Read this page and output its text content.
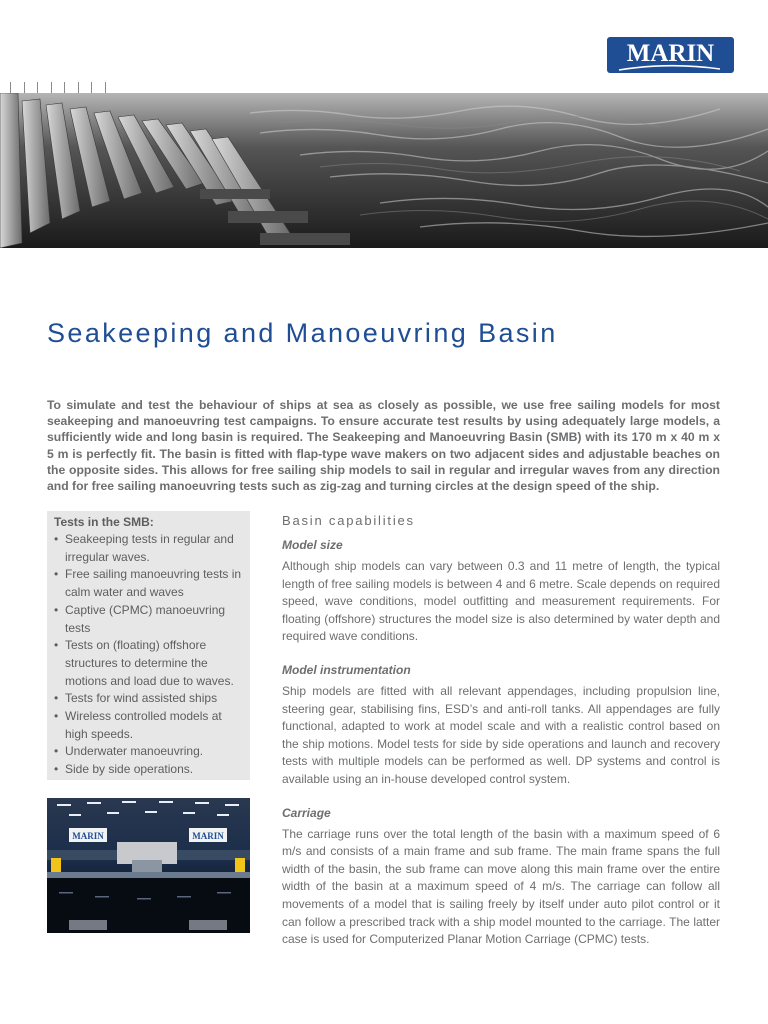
MARIN
Seakeeping and Manoeuvring Basin

To simulate and test the behaviour of ships at sea as closely as possible, we use free sailing models for most seakeeping and manoeuvring test campaigns. To ensure accurate test results by using adequately large models, a sufficiently wide and long basin is required. The Seakeeping and Manoeuvring Basin (SMB) with its 170 m x 40 m x 5 m is perfectly fit. The basin is fitted with flap-type wave makers on two adjacent sides and adjustable beaches on the opposite sides. This allows for free sailing ship models to sail in regular and irregular waves from any direction and for free sailing manoeuvring tests such as zig-zag and turning circles at the design speed of the ship.

Tests in the SMB:
• Seakeeping tests in regular and irregular waves.
• Free sailing manoeuvring tests in calm water and waves
• Captive (CPMC) manoeuvring tests
• Tests on (floating) offshore structures to determine the motions and load due to waves.
• Tests for wind assisted ships
• Wireless controlled models at high speeds.
• Underwater manoeuvring.
• Side by side operations.
MARIN	MARIN
Basin capabilities

Model size

Although ship models can vary between 0.3 and 11 metre of length, the typical length of free sailing models is between 4 and 6 metre. Scale depends on required speed, wave conditions, model outfitting and measurement requirements. For floating (offshore) structures the model size is also determined by water depth and required wave conditions.

Model instrumentation

Ship models are fitted with all relevant appendages, including propulsion line, steering gear, stabilising fins, ESD’s and anti-roll tanks. All appendages are fully functional, adapted to work at model scale and with a realistic control based on the ship motions. Model tests for side by side operations and launch and recovery tests with multiple models can be performed as well. DP systems and control is available using an in-house developed control system.

Carriage

The carriage runs over the total length of the basin with a maximum speed of 6 m/s and consists of a main frame and sub frame. The main frame spans the full width of the basin, the sub frame can move along this main frame over the entire width of the basin at a maximum speed of 4 m/s. The carriage can follow all movements of a model that is sailing freely by itself under auto pilot control or it can follow a prescribed track with a ship model mounted to the carriage. The latter case is used for Computerized Planar Motion Carriage (CPMC) tests.
